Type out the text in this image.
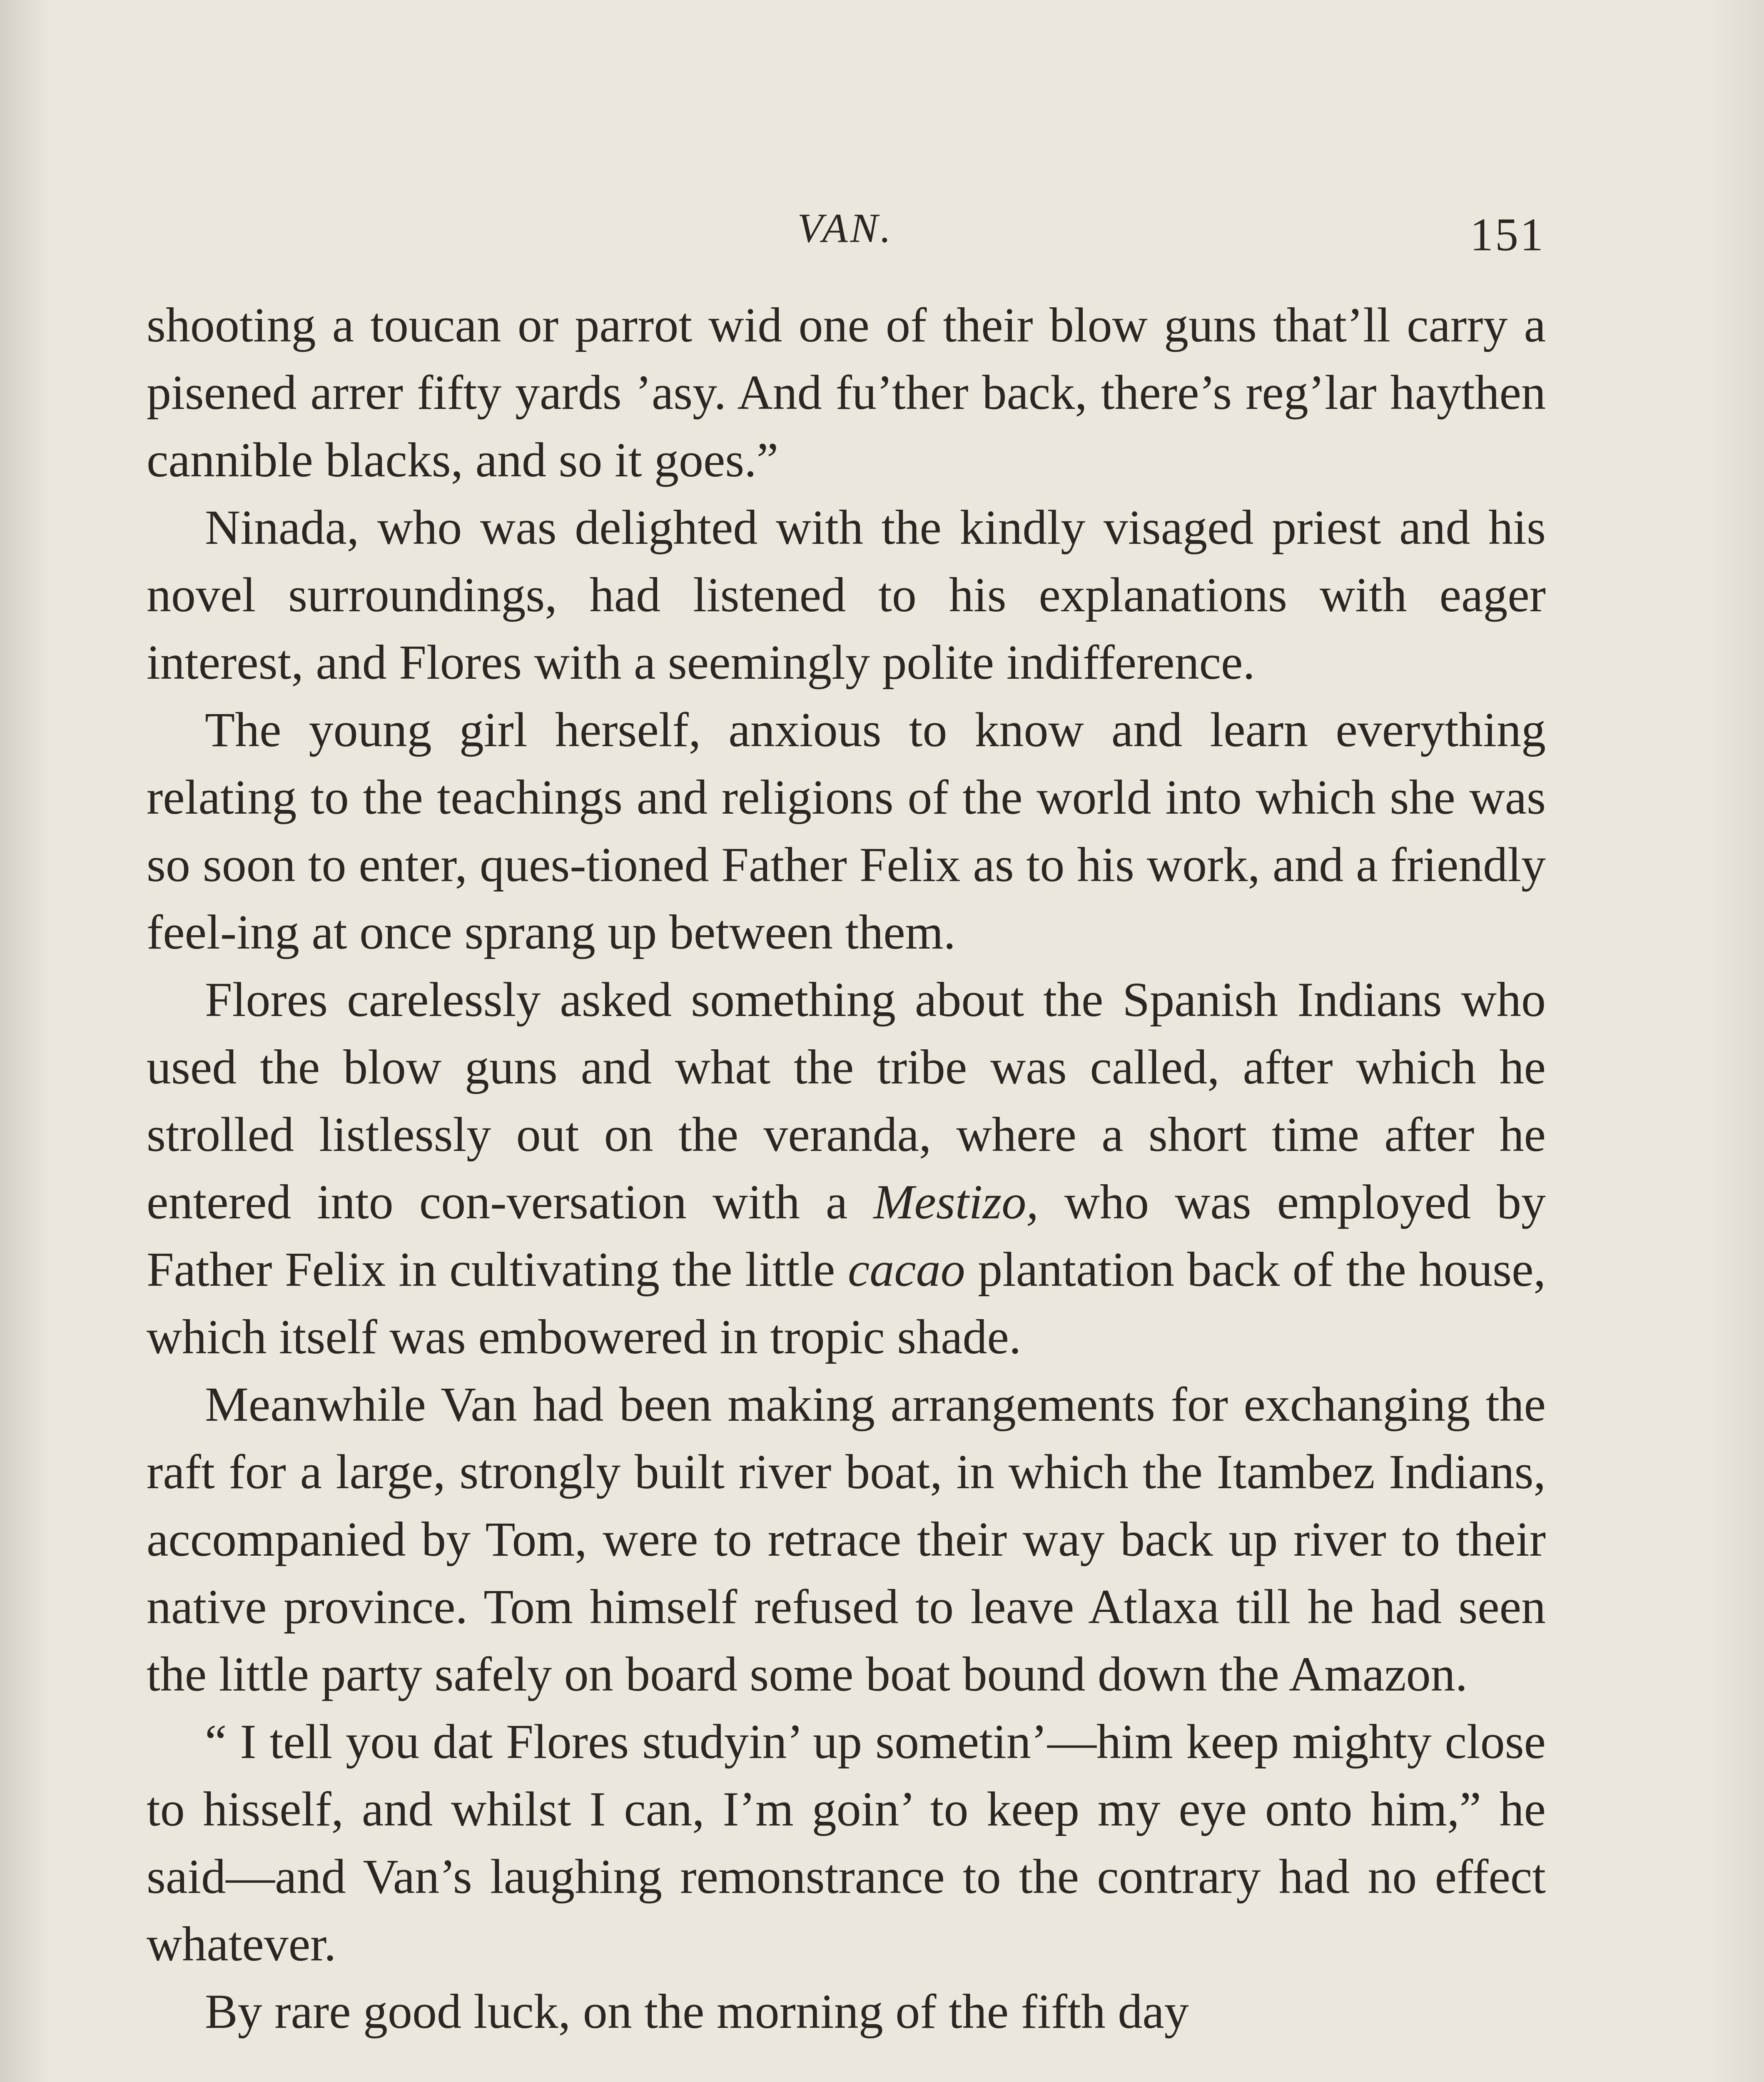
VAN.	151

shooting a toucan or parrot wid one of their blow guns that’ll carry a pisened arrer fifty yards ’asy. And fu’ther back, there’s reg’lar haythen cannible blacks, and so it goes.”

Ninada, who was delighted with the kindly visaged priest and his novel surroundings, had listened to his explanations with eager interest, and Flores with a seemingly polite indifference.

The young girl herself, anxious to know and learn everything relating to the teachings and religions of the world into which she was so soon to enter, ques-tioned Father Felix as to his work, and a friendly feel-ing at once sprang up between them.

Flores carelessly asked something about the Spanish Indians who used the blow guns and what the tribe was called, after which he strolled listlessly out on the veranda, where a short time after he entered into con-versation with a Mestizo, who was employed by Father Felix in cultivating the little cacao plantation back of the house, which itself was embowered in tropic shade.

Meanwhile Van had been making arrangements for exchanging the raft for a large, strongly built river boat, in which the Itambez Indians, accompanied by Tom, were to retrace their way back up river to their native province. Tom himself refused to leave Atlaxa till he had seen the little party safely on board some boat bound down the Amazon.

“ I tell you dat Flores studyin’ up sometin’—him keep mighty close to hisself, and whilst I can, I’m goin’ to keep my eye onto him,” he said—and Van’s laughing remonstrance to the contrary had no effect whatever.

By rare good luck, on the morning of the fifth day
